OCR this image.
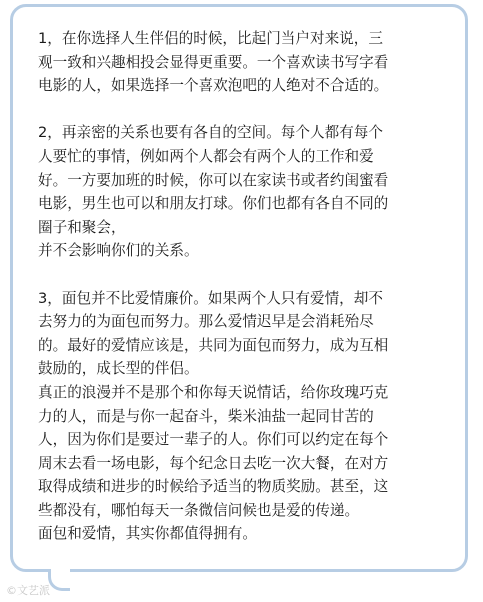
1，在你选择人生伴侣的时候，比起门当户对来说，三
观一致和兴趣相投会显得更重要。一个喜欢读书写字看
电影的人，如果选择一个喜欢泡吧的人绝对不合适的。
2，再亲密的关系也要有各自的空间。每个人都有每个
人要忙的事情，例如两个人都会有两个人的工作和爱
好。一方要加班的时候，你可以在家读书或者约闺蜜看
电影，男生也可以和朋友打球。你们也都有各自不同的
圈子和聚会，
并不会影响你们的关系。
3，面包并不比爱情廉价。如果两个人只有爱情，却不
去努力的为面包而努力。那么爱情迟早是会消耗殆尽
的。最好的爱情应该是，共同为面包而努力，成为互相
鼓励的，成长型的伴侣。
真正的浪漫并不是那个和你每天说情话，给你玫瑰巧克
力的人，而是与你一起奋斗，柴米油盐一起同甘苦的
人，因为你们是要过一辈子的人。你们可以约定在每个
周末去看一场电影，每个纪念日去吃一次大餐，在对方
取得成绩和进步的时候给予适当的物质奖励。甚至，这
些都没有，哪怕每天一条微信问候也是爱的传递。
面包和爱情，其实你都值得拥有。
©文艺派
